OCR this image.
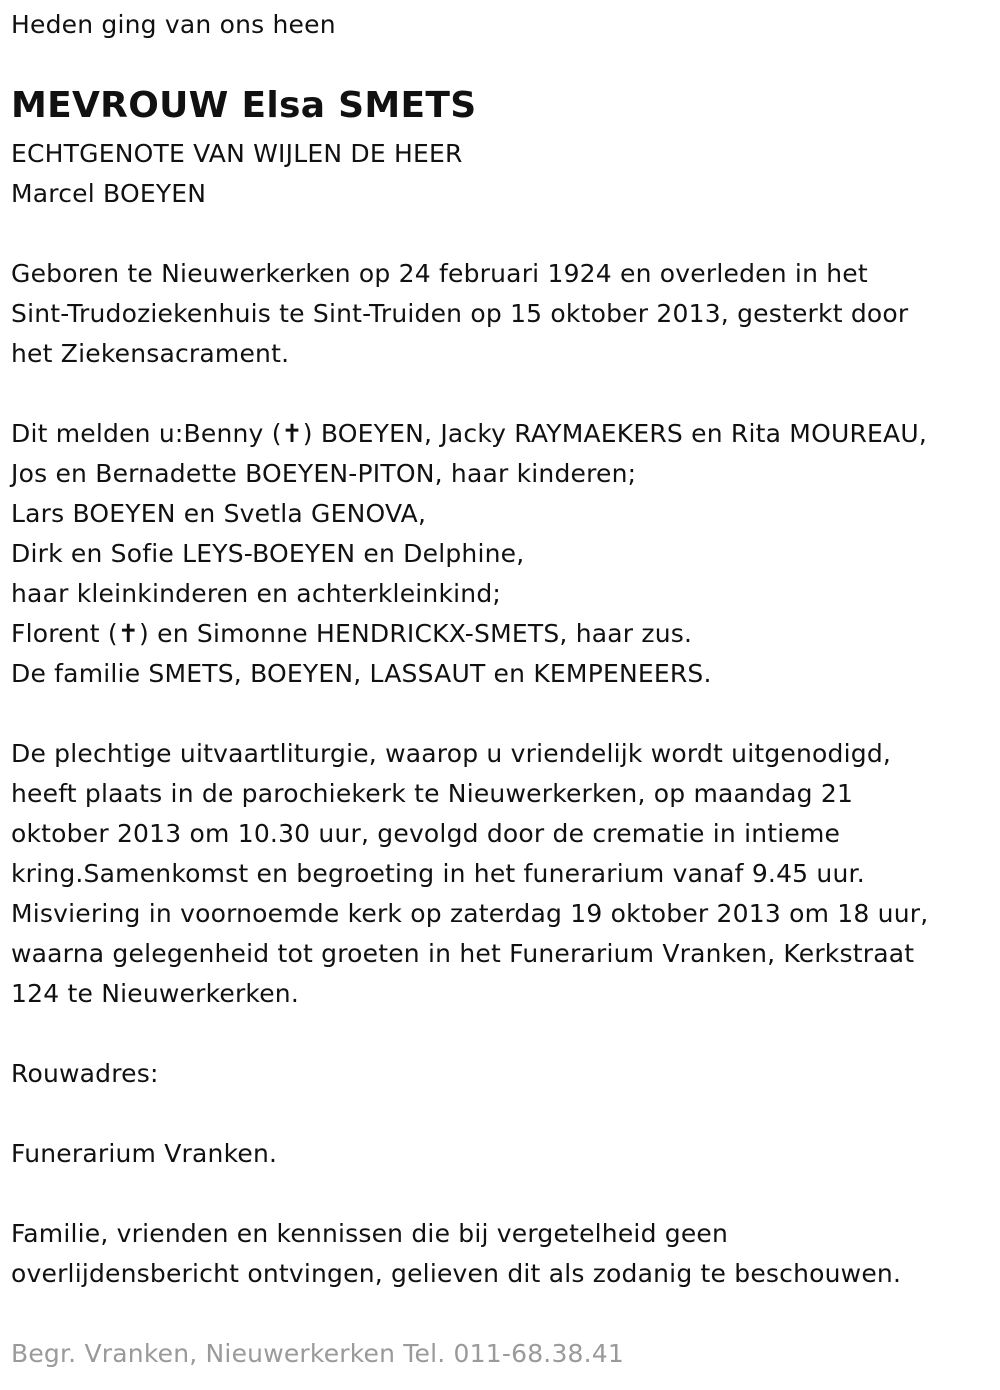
Heden ging van ons heen
MEVROUW Elsa SMETS
ECHTGENOTE VAN WIJLEN DE HEER
Marcel BOEYEN
Geboren te Nieuwerkerken op 24 februari 1924 en overleden in het
Sint-Trudoziekenhuis te Sint-Truiden op 15 oktober 2013, gesterkt door
het Ziekensacrament.
Dit melden u:Benny (✝) BOEYEN, Jacky RAYMAEKERS en Rita MOUREAU,
Jos en Bernadette BOEYEN-PITON, haar kinderen;
Lars BOEYEN en Svetla GENOVA,
Dirk en Sofie LEYS-BOEYEN en Delphine,
haar kleinkinderen en achterkleinkind;
Florent (✝) en Simonne HENDRICKX-SMETS, haar zus.
De familie SMETS, BOEYEN, LASSAUT en KEMPENEERS.
De plechtige uitvaartliturgie, waarop u vriendelijk wordt uitgenodigd,
heeft plaats in de parochiekerk te Nieuwerkerken, op maandag 21
oktober 2013 om 10.30 uur, gevolgd door de crematie in intieme
kring.Samenkomst en begroeting in het funerarium vanaf 9.45 uur.
Misviering in voornoemde kerk op zaterdag 19 oktober 2013 om 18 uur,
waarna gelegenheid tot groeten in het Funerarium Vranken, Kerkstraat
124 te Nieuwerkerken.
Rouwadres:
Funerarium Vranken.
Familie, vrienden en kennissen die bij vergetelheid geen
overlijdensbericht ontvingen, gelieven dit als zodanig te beschouwen.
Begr. Vranken, Nieuwerkerken Tel. 011-68.38.41
